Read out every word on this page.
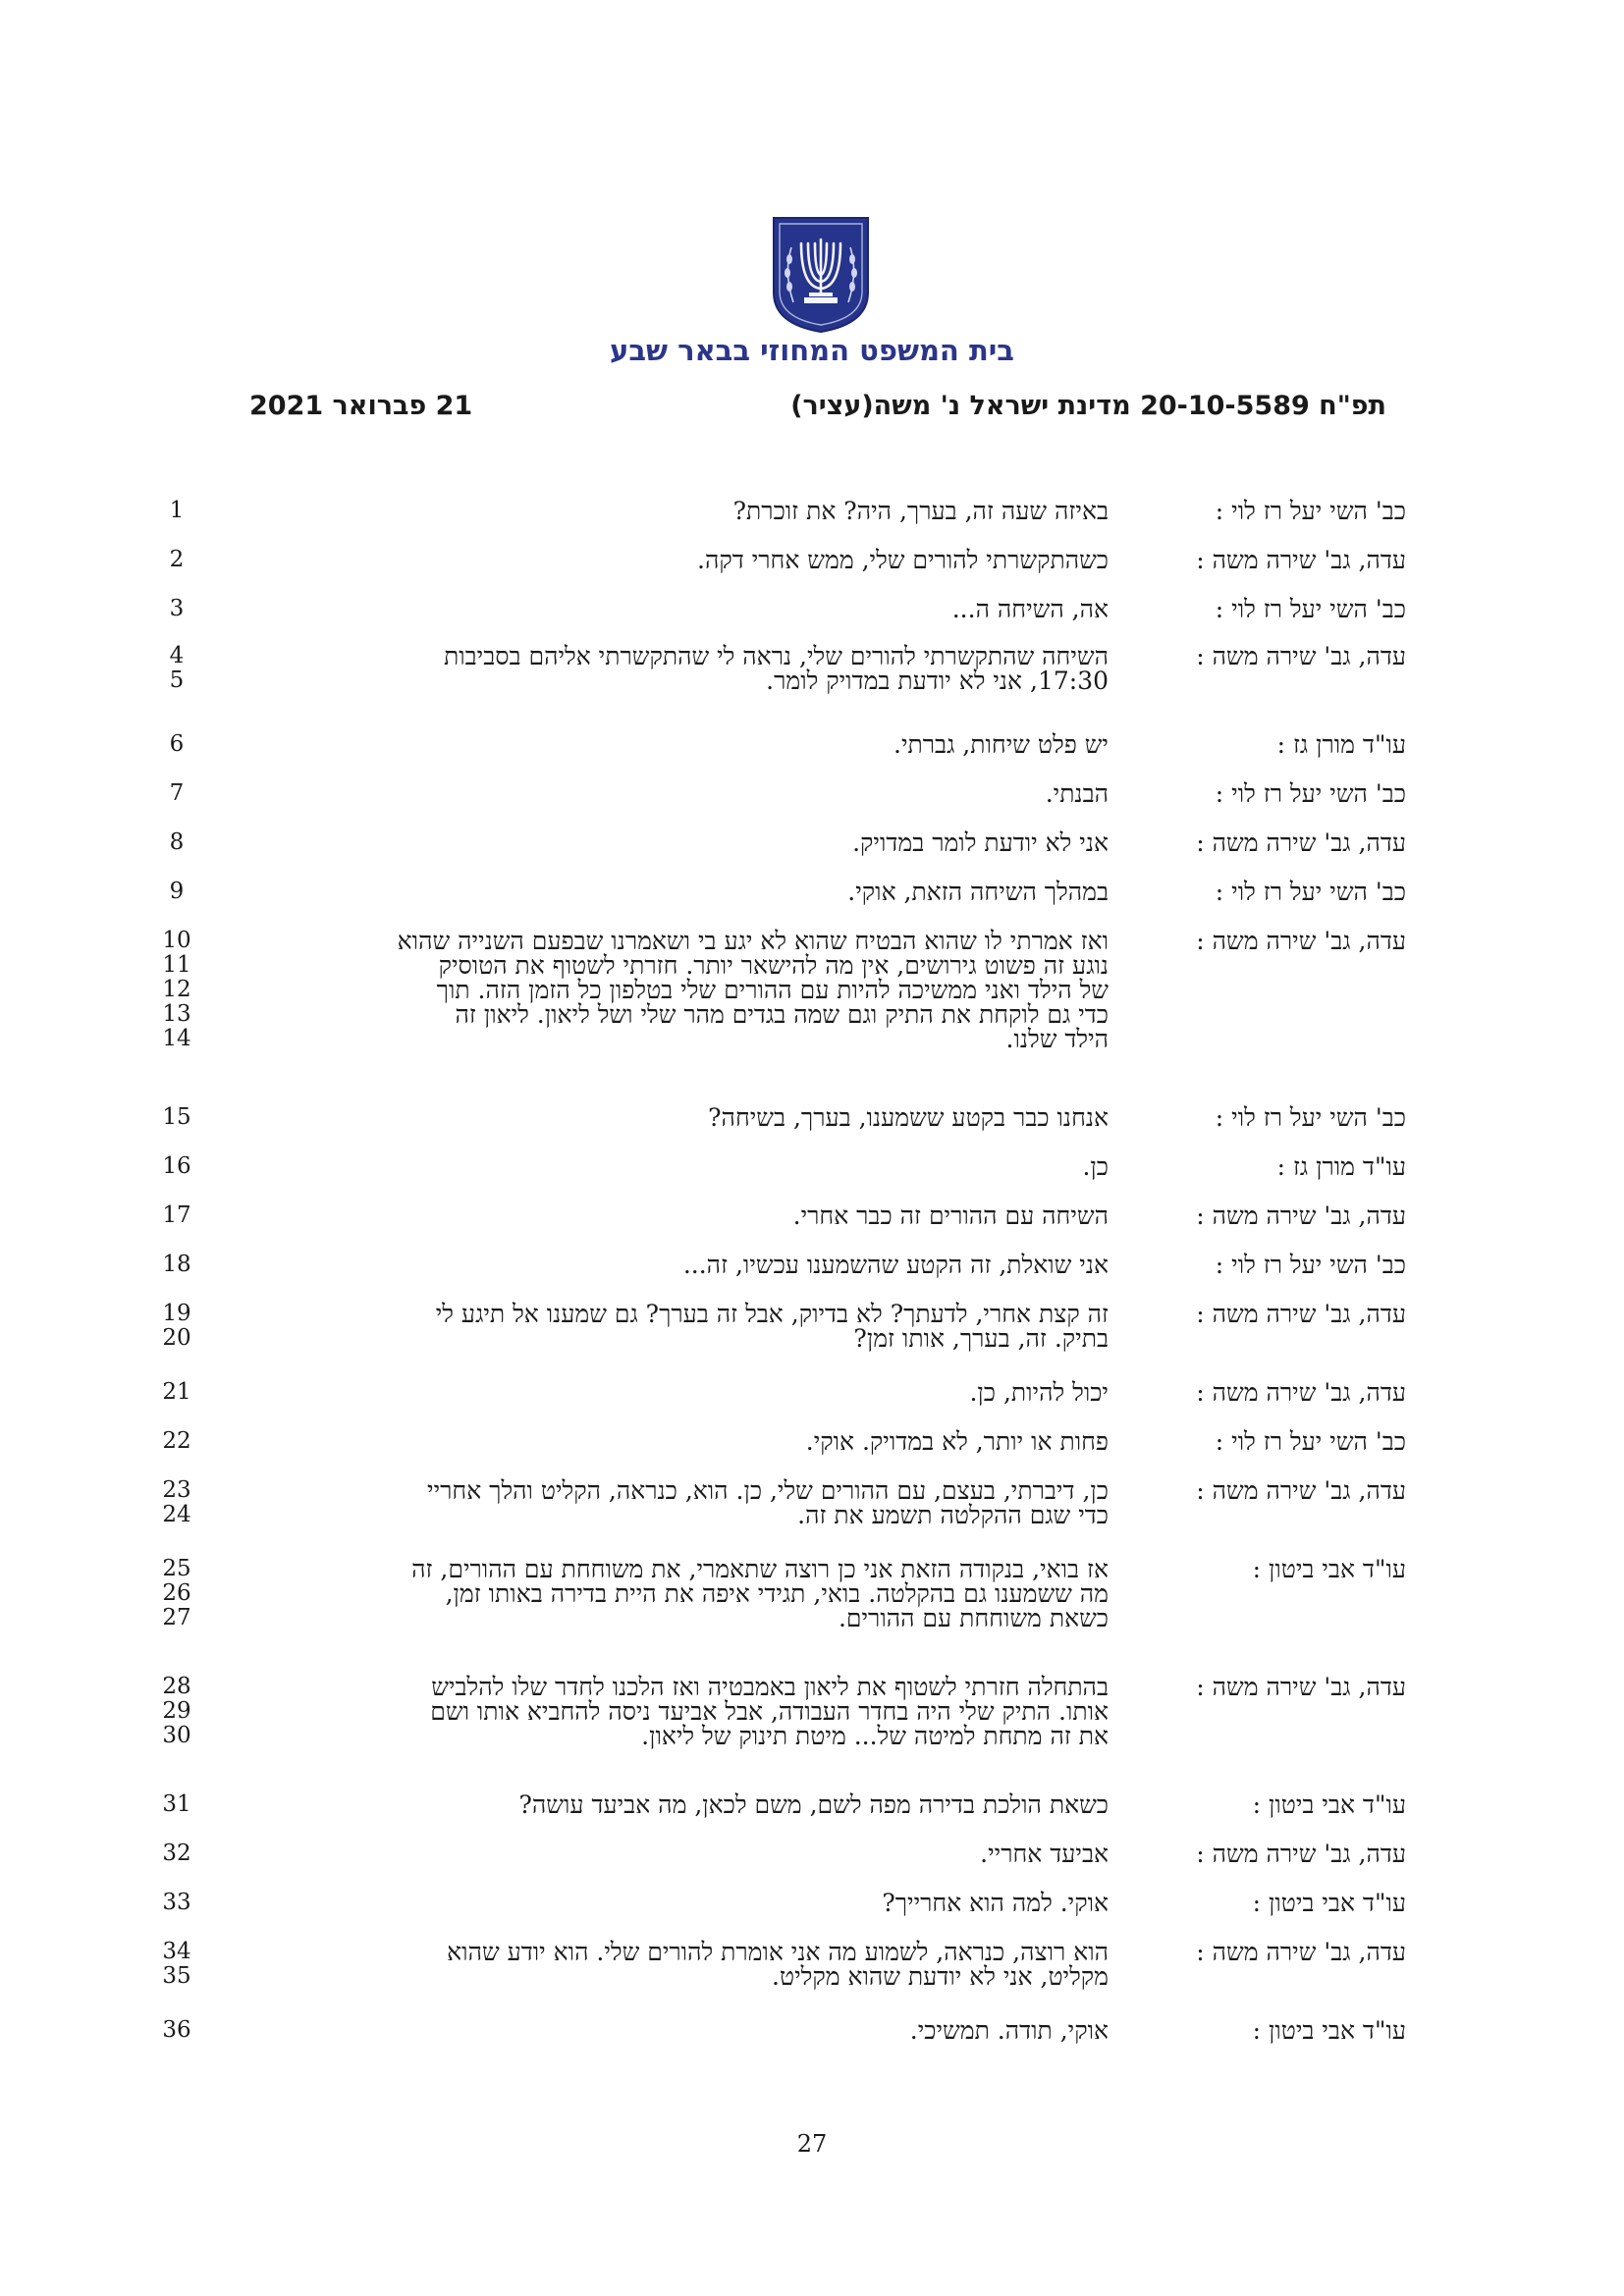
בית המשפט המחוזי בבאר שבע
תפ"ח 20-10-5589 מדינת ישראל נ' משה(עציר)
21 פברואר 2021
כב' השי יעל רז לוי :
באיזה שעה זה, בערך, היה? את זוכרת?
1
עדה, גב' שירה משה :
כשהתקשרתי להורים שלי, ממש אחרי דקה.
2
כב' השי יעל רז לוי :
אה, השיחה ה...
3
עדה, גב' שירה משה :
השיחה שהתקשרתי להורים שלי, נראה לי שהתקשרתי אליהם בסביבות
17:30, אני לא יודעת במדויק לומר.
4
5
עו"ד מורן גז :
יש פלט שיחות, גברתי.
6
כב' השי יעל רז לוי :
הבנתי.
7
עדה, גב' שירה משה :
אני לא יודעת לומר במדויק.
8
כב' השי יעל רז לוי :
במהלך השיחה הזאת, אוקי.
9
עדה, גב' שירה משה :
ואז אמרתי לו שהוא הבטיח שהוא לא יגע בי ושאמרנו שבפעם השנייה שהוא
נוגע זה פשוט גירושים, אין מה להישאר יותר. חזרתי לשטוף את הטוסיק
של הילד ואני ממשיכה להיות עם ההורים שלי בטלפון כל הזמן הזה. תוך
כדי גם לוקחת את התיק וגם שמה בגדים מהר שלי ושל ליאון. ליאון זה
הילד שלנו.
10
11
12
13
14
כב' השי יעל רז לוי :
אנחנו כבר בקטע ששמענו, בערך, בשיחה?
15
עו"ד מורן גז :
כן.
16
עדה, גב' שירה משה :
השיחה עם ההורים זה כבר אחרי.
17
כב' השי יעל רז לוי :
אני שואלת, זה הקטע שהשמענו עכשיו, זה...
18
עדה, גב' שירה משה :
זה קצת אחרי, לדעתך? לא בדיוק, אבל זה בערך? גם שמענו אל תיגע לי
בתיק. זה, בערך, אותו זמן?
19
20
עדה, גב' שירה משה :
יכול להיות, כן.
21
כב' השי יעל רז לוי :
פחות או יותר, לא במדויק. אוקי.
22
עדה, גב' שירה משה :
כן, דיברתי, בעצם, עם ההורים שלי, כן. הוא, כנראה, הקליט והלך אחריי
כדי שגם ההקלטה תשמע את זה.
23
24
עו"ד אבי ביטון :
אז בואי, בנקודה הזאת אני כן רוצה שתאמרי, את משוחחת עם ההורים, זה
מה ששמענו גם בהקלטה. בואי, תגידי איפה את היית בדירה באותו זמן,
כשאת משוחחת עם ההורים.
25
26
27
עדה, גב' שירה משה :
בהתחלה חזרתי לשטוף את ליאון באמבטיה ואז הלכנו לחדר שלו להלביש
אותו. התיק שלי היה בחדר העבודה, אבל אביעד ניסה להחביא אותו ושם
את זה מתחת למיטה של... מיטת תינוק של ליאון.
28
29
30
עו"ד אבי ביטון :
כשאת הולכת בדירה מפה לשם, משם לכאן, מה אביעד עושה?
31
עדה, גב' שירה משה :
אביעד אחריי.
32
עו"ד אבי ביטון :
אוקי. למה הוא אחרייך?
33
עדה, גב' שירה משה :
הוא רוצה, כנראה, לשמוע מה אני אומרת להורים שלי. הוא יודע שהוא
מקליט, אני לא יודעת שהוא מקליט.
34
35
עו"ד אבי ביטון :
אוקי, תודה. תמשיכי.
36
27
